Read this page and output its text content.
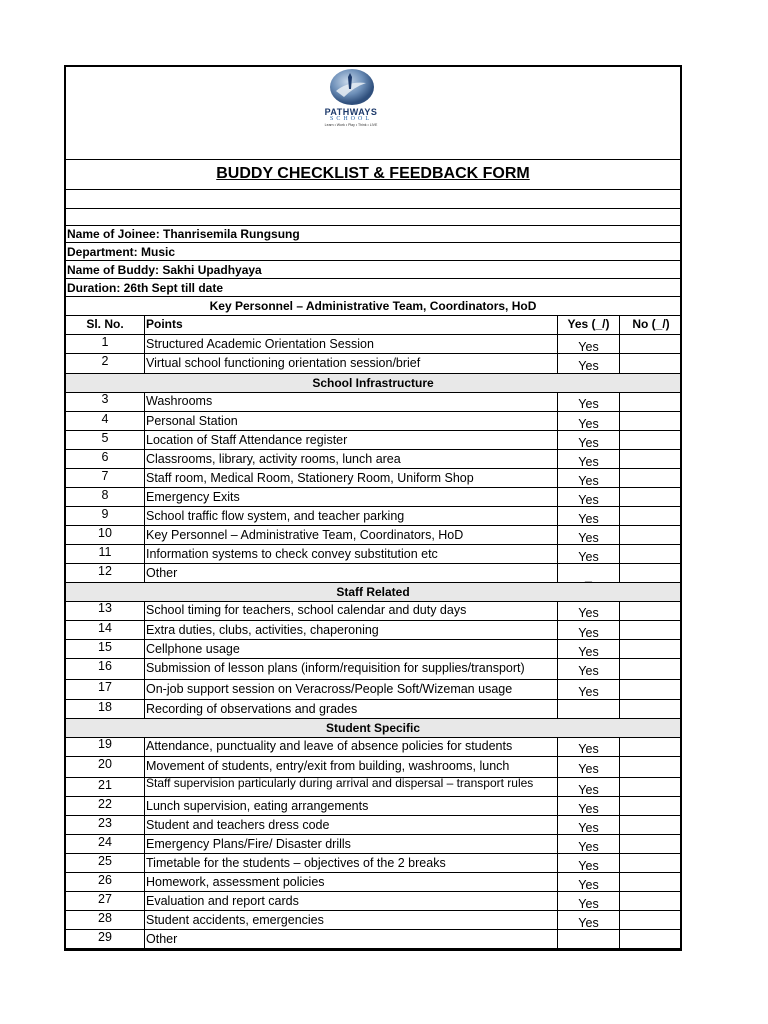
PATHWAYS
SCHOOL
Learn • Work • Play • Think • LIVE
BUDDY CHECKLIST & FEEDBACK FORM
Name of Joinee: Thanrisemila Rungsung
Department: Music
Name of Buddy: Sakhi Upadhyaya
Duration: 26th Sept till date
Key Personnel – Administrative Team, Coordinators, HoD
Sl. No.	Points	Yes (_/)	No (_/)
1	Structured Academic Orientation Session	Yes
2	Virtual school functioning orientation session/brief	Yes
School Infrastructure
3	Washrooms	Yes
4	Personal Station	Yes
5	Location of Staff Attendance register	Yes
6	Classrooms, library, activity rooms, lunch area	Yes
7	Staff room, Medical Room, Stationery Room, Uniform Shop	Yes
8	Emergency Exits	Yes
9	School traffic flow system, and teacher parking	Yes
10	Key Personnel – Administrative Team, Coordinators, HoD	Yes
11	Information systems to check convey substitution etc	Yes
12	Other	_
Staff Related
13	School timing for teachers, school calendar and duty days	Yes
14	Extra duties, clubs, activities, chaperoning	Yes
15	Cellphone usage	Yes
16	Submission of lesson plans (inform/requisition for supplies/transport)	Yes
17	On-job support session on Veracross/People Soft/Wizeman usage	Yes
18	Recording of observations and grades
Student Specific
19	Attendance, punctuality and leave of absence policies for students	Yes
20	Movement of students, entry/exit from building, washrooms, lunch	Yes
21	Staff supervision particularly during arrival and dispersal – transport rules	Yes
22	Lunch supervision, eating arrangements	Yes
23	Student and teachers dress code	Yes
24	Emergency Plans/Fire/ Disaster drills	Yes
25	Timetable for the students – objectives of the 2 breaks	Yes
26	Homework, assessment policies	Yes
27	Evaluation and report cards	Yes
28	Student accidents, emergencies	Yes
29	Other
